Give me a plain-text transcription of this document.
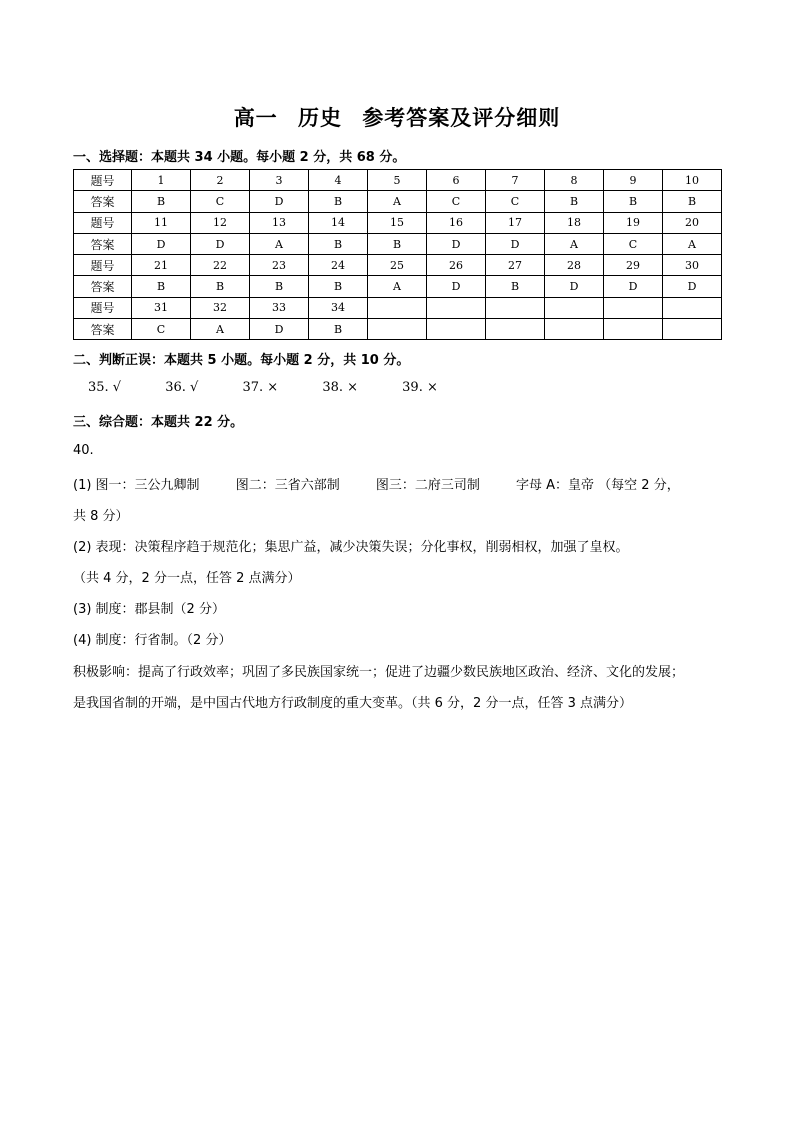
高一 历史 参考答案及评分细则
一、选择题：本题共 34 小题。每小题 2 分，共 68 分。
题号	1	2	3	4	5	6	7	8	9	10
答案	B	C	D	B	A	C	C	B	B	B
题号	11	12	13	14	15	16	17	18	19	20
答案	D	D	A	B	B	D	D	A	C	A
题号	21	22	23	24	25	26	27	28	29	30
答案	B	B	B	B	A	D	B	D	D	D
题号	31	32	33	34						
答案	C	A	D	B						
二、判断正误：本题共 5 小题。每小题 2 分，共 10 分。
35. √	36. √	37. ×	38. ×	39. ×
三、综合题：本题共 22 分。
40.
(1) 图一：三公九卿制	图二：三省六部制	图三：二府三司制	字母 A：皇帝 （每空 2 分，
共 8 分）
(2) 表现：决策程序趋于规范化；集思广益，减少决策失误；分化事权，削弱相权，加强了皇权。
（共 4 分，2 分一点，任答 2 点满分）
(3) 制度：郡县制（2 分）
(4) 制度：行省制。（2 分）
积极影响：提高了行政效率；巩固了多民族国家统一；促进了边疆少数民族地区政治、经济、文化的发展；
是我国省制的开端，是中国古代地方行政制度的重大变革。（共 6 分，2 分一点，任答 3 点满分）
